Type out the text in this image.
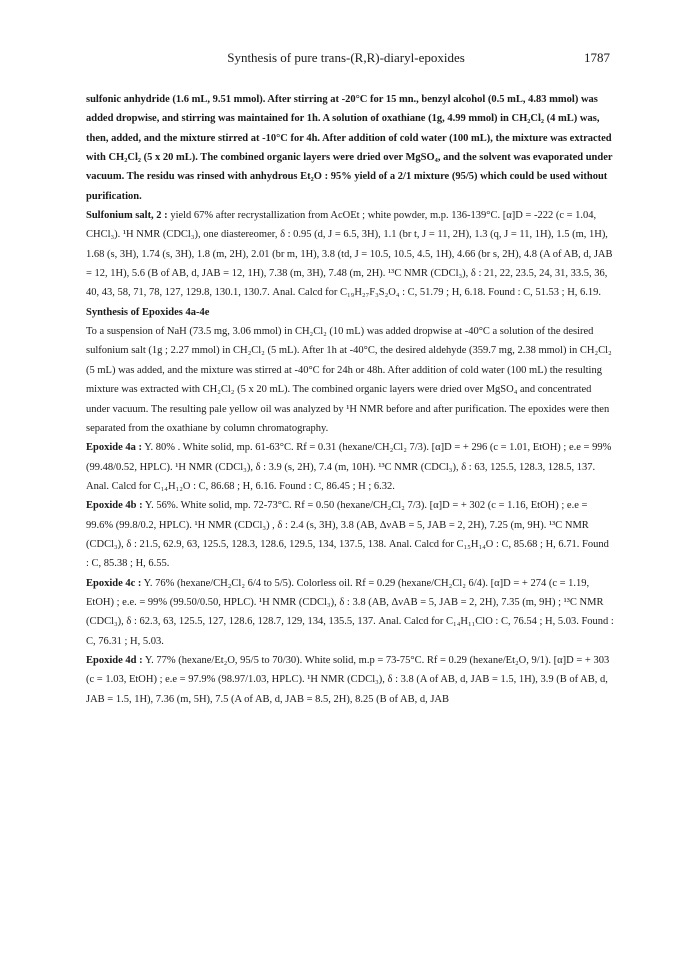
Synthesis of pure trans-(R,R)-diaryl-epoxides	1787

sulfonic anhydride (1.6 mL, 9.51 mmol). After stirring at -20°C for 15 mn., benzyl alcohol (0.5 mL, 4.83 mmol) was added dropwise, and stirring was maintained for 1h. A solution of oxathiane (1g, 4.99 mmol) in CH₂Cl₂ (4 mL) was, then, added, and the mixture stirred at -10°C for 4h. After addition of cold water (100 mL), the mixture was extracted with CH₂Cl₂ (5 x 20 mL). The combined organic layers were dried over MgSO₄, and the solvent was evaporated under vacuum. The residu was rinsed with anhydrous Et₂O : 95% yield of a 2/1 mixture (95/5) which could be used without purification.

Sulfonium salt, 2 : yield 67% after recrystallization from AcOEt ; white powder, m.p. 136-139°C. [α]D = -222 (c = 1.04, CHCl₃). ¹H NMR (CDCl₃), one diastereomer, δ : 0.95 (d, J = 6.5, 3H), 1.1 (br t, J = 11, 2H), 1.3 (q, J = 11, 1H), 1.5 (m, 1H), 1.68 (s, 3H), 1.74 (s, 3H), 1.8 (m, 2H), 2.01 (br m, 1H), 3.8 (td, J = 10.5, 10.5, 4.5, 1H), 4.66 (br s, 2H), 4.8 (A of AB, d, JAB = 12, 1H), 5.6 (B of AB, d, JAB = 12, 1H), 7.38 (m, 3H), 7.48 (m, 2H). ¹³C NMR (CDCl₃), δ : 21, 22, 23.5, 24, 31, 33.5, 36, 40, 43, 58, 71, 78, 127, 129.8, 130.1, 130.7. Anal. Calcd for C₁₉H₂₇F₃S₂O₄ : C, 51.79 ; H, 6.18. Found : C, 51.53 ; H, 6.19.

Synthesis of Epoxides 4a-4e

To a suspension of NaH (73.5 mg, 3.06 mmol) in CH₂Cl₂ (10 mL) was added dropwise at -40°C a solution of the desired sulfonium salt (1g ; 2.27 mmol) in CH₂Cl₂ (5 mL). After 1h at -40°C, the desired aldehyde (359.7 mg, 2.38 mmol) in CH₂Cl₂ (5 mL) was added, and the mixture was stirred at -40°C for 24h or 48h. After addition of cold water (100 mL) the resulting mixture was extracted with CH₂Cl₂ (5 x 20 mL). The combined organic layers were dried over MgSO₄ and concentrated under vacuum. The resulting pale yellow oil was analyzed by ¹H NMR before and after purification. The epoxides were then separated from the oxathiane by column chromatography.

Epoxide 4a : Y. 80% . White solid, mp. 61-63°C. Rf = 0.31 (hexane/CH₂Cl₂ 7/3). [α]D = + 296 (c = 1.01, EtOH) ; e.e = 99% (99.48/0.52, HPLC). ¹H NMR (CDCl₃), δ : 3.9 (s, 2H), 7.4 (m, 10H). ¹³C NMR (CDCl₃), δ : 63, 125.5, 128.3, 128.5, 137. Anal. Calcd for C₁₄H₁₂O : C, 86.68 ; H, 6.16. Found : C, 86.45 ; H ; 6.32.

Epoxide 4b : Y. 56%. White solid, mp. 72-73°C. Rf = 0.50 (hexane/CH₂Cl₂ 7/3). [α]D = + 302 (c = 1.16, EtOH) ; e.e = 99.6% (99.8/0.2, HPLC). ¹H NMR (CDCl₃) , δ : 2.4 (s, 3H), 3.8 (AB, ΔνAB = 5, JAB = 2, 2H), 7.25 (m, 9H). ¹³C NMR (CDCl₃), δ : 21.5, 62.9, 63, 125.5, 128.3, 128.6, 129.5, 134, 137.5, 138. Anal. Calcd for C₁₅H₁₄O : C, 85.68 ; H, 6.71. Found : C, 85.38 ; H, 6.55.

Epoxide 4c : Y. 76% (hexane/CH₂Cl₂ 6/4 to 5/5). Colorless oil. Rf = 0.29 (hexane/CH₂Cl₂ 6/4). [α]D = + 274 (c = 1.19, EtOH) ; e.e. = 99% (99.50/0.50, HPLC). ¹H NMR (CDCl₃), δ : 3.8 (AB, ΔνAB = 5, JAB = 2, 2H), 7.35 (m, 9H) ; ¹³C NMR (CDCl₃), δ : 62.3, 63, 125.5, 127, 128.6, 128.7, 129, 134, 135.5, 137. Anal. Calcd for C₁₄H₁₁ClO : C, 76.54 ; H, 5.03. Found : C, 76.31 ; H, 5.03.

Epoxide 4d : Y. 77% (hexane/Et₂O, 95/5 to 70/30). White solid, m.p = 73-75°C. Rf = 0.29 (hexane/Et₂O, 9/1). [α]D = + 303 (c = 1.03, EtOH) ; e.e = 97.9% (98.97/1.03, HPLC). ¹H NMR (CDCl₃), δ : 3.8 (A of AB, d, JAB = 1.5, 1H), 3.9 (B of AB, d, JAB = 1.5, 1H), 7.36 (m, 5H), 7.5 (A of AB, d, JAB = 8.5, 2H), 8.25 (B of AB, d, JAB
